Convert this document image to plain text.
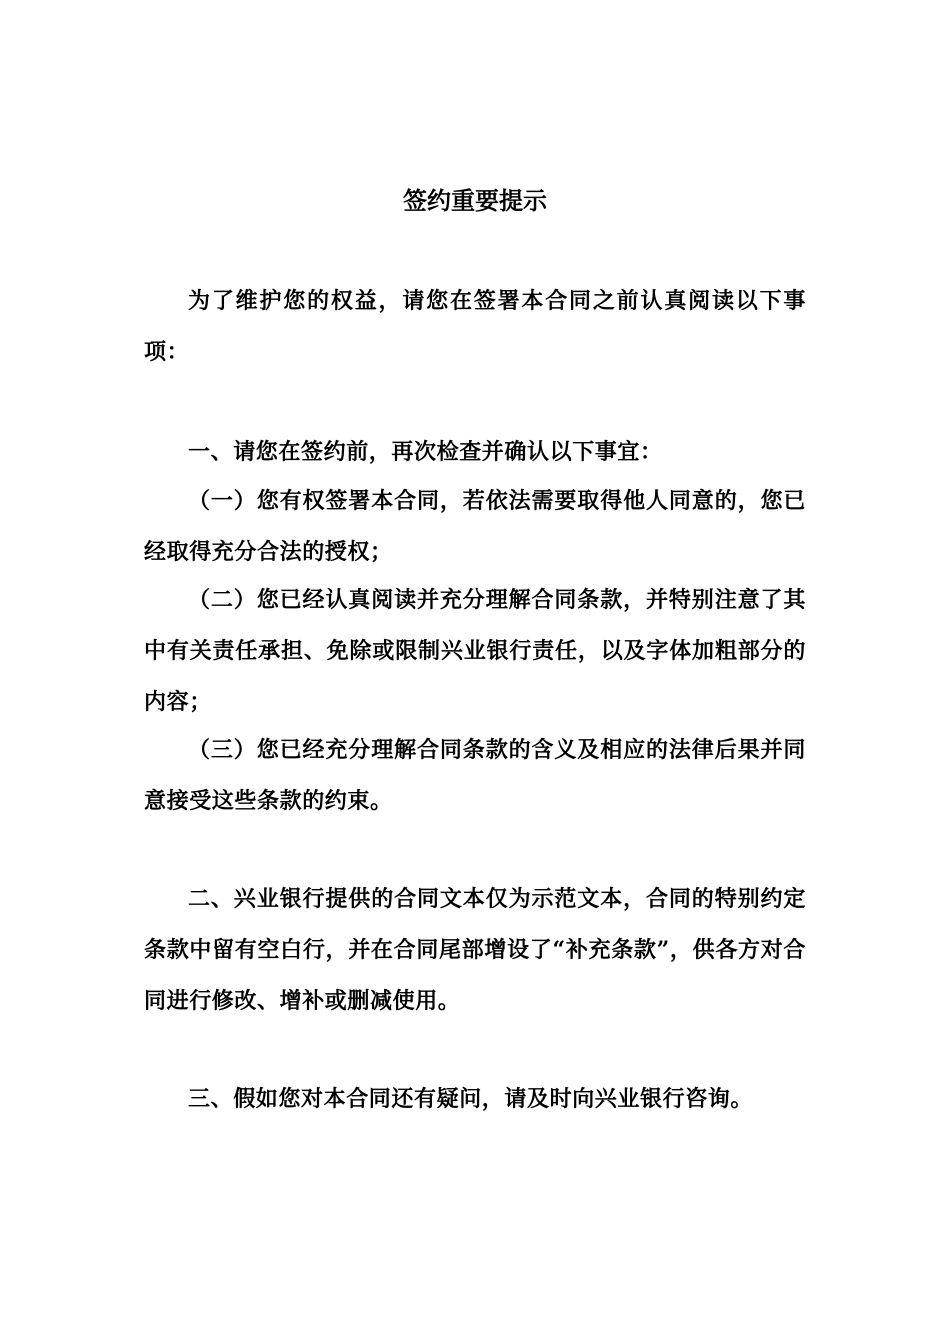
签约重要提示

为了维护您的权益，请您在签署本合同之前认真阅读以下事项：

一、请您在签约前，再次检查并确认以下事宜：

（一）您有权签署本合同，若依法需要取得他人同意的，您已经取得充分合法的授权；

（二）您已经认真阅读并充分理解合同条款，并特别注意了其中有关责任承担、免除或限制兴业银行责任，以及字体加粗部分的内容；

（三）您已经充分理解合同条款的含义及相应的法律后果并同意接受这些条款的约束。

二、兴业银行提供的合同文本仅为示范文本，合同的特别约定条款中留有空白行，并在合同尾部增设了“补充条款”，供各方对合同进行修改、增补或删减使用。

三、假如您对本合同还有疑问，请及时向兴业银行咨询。
